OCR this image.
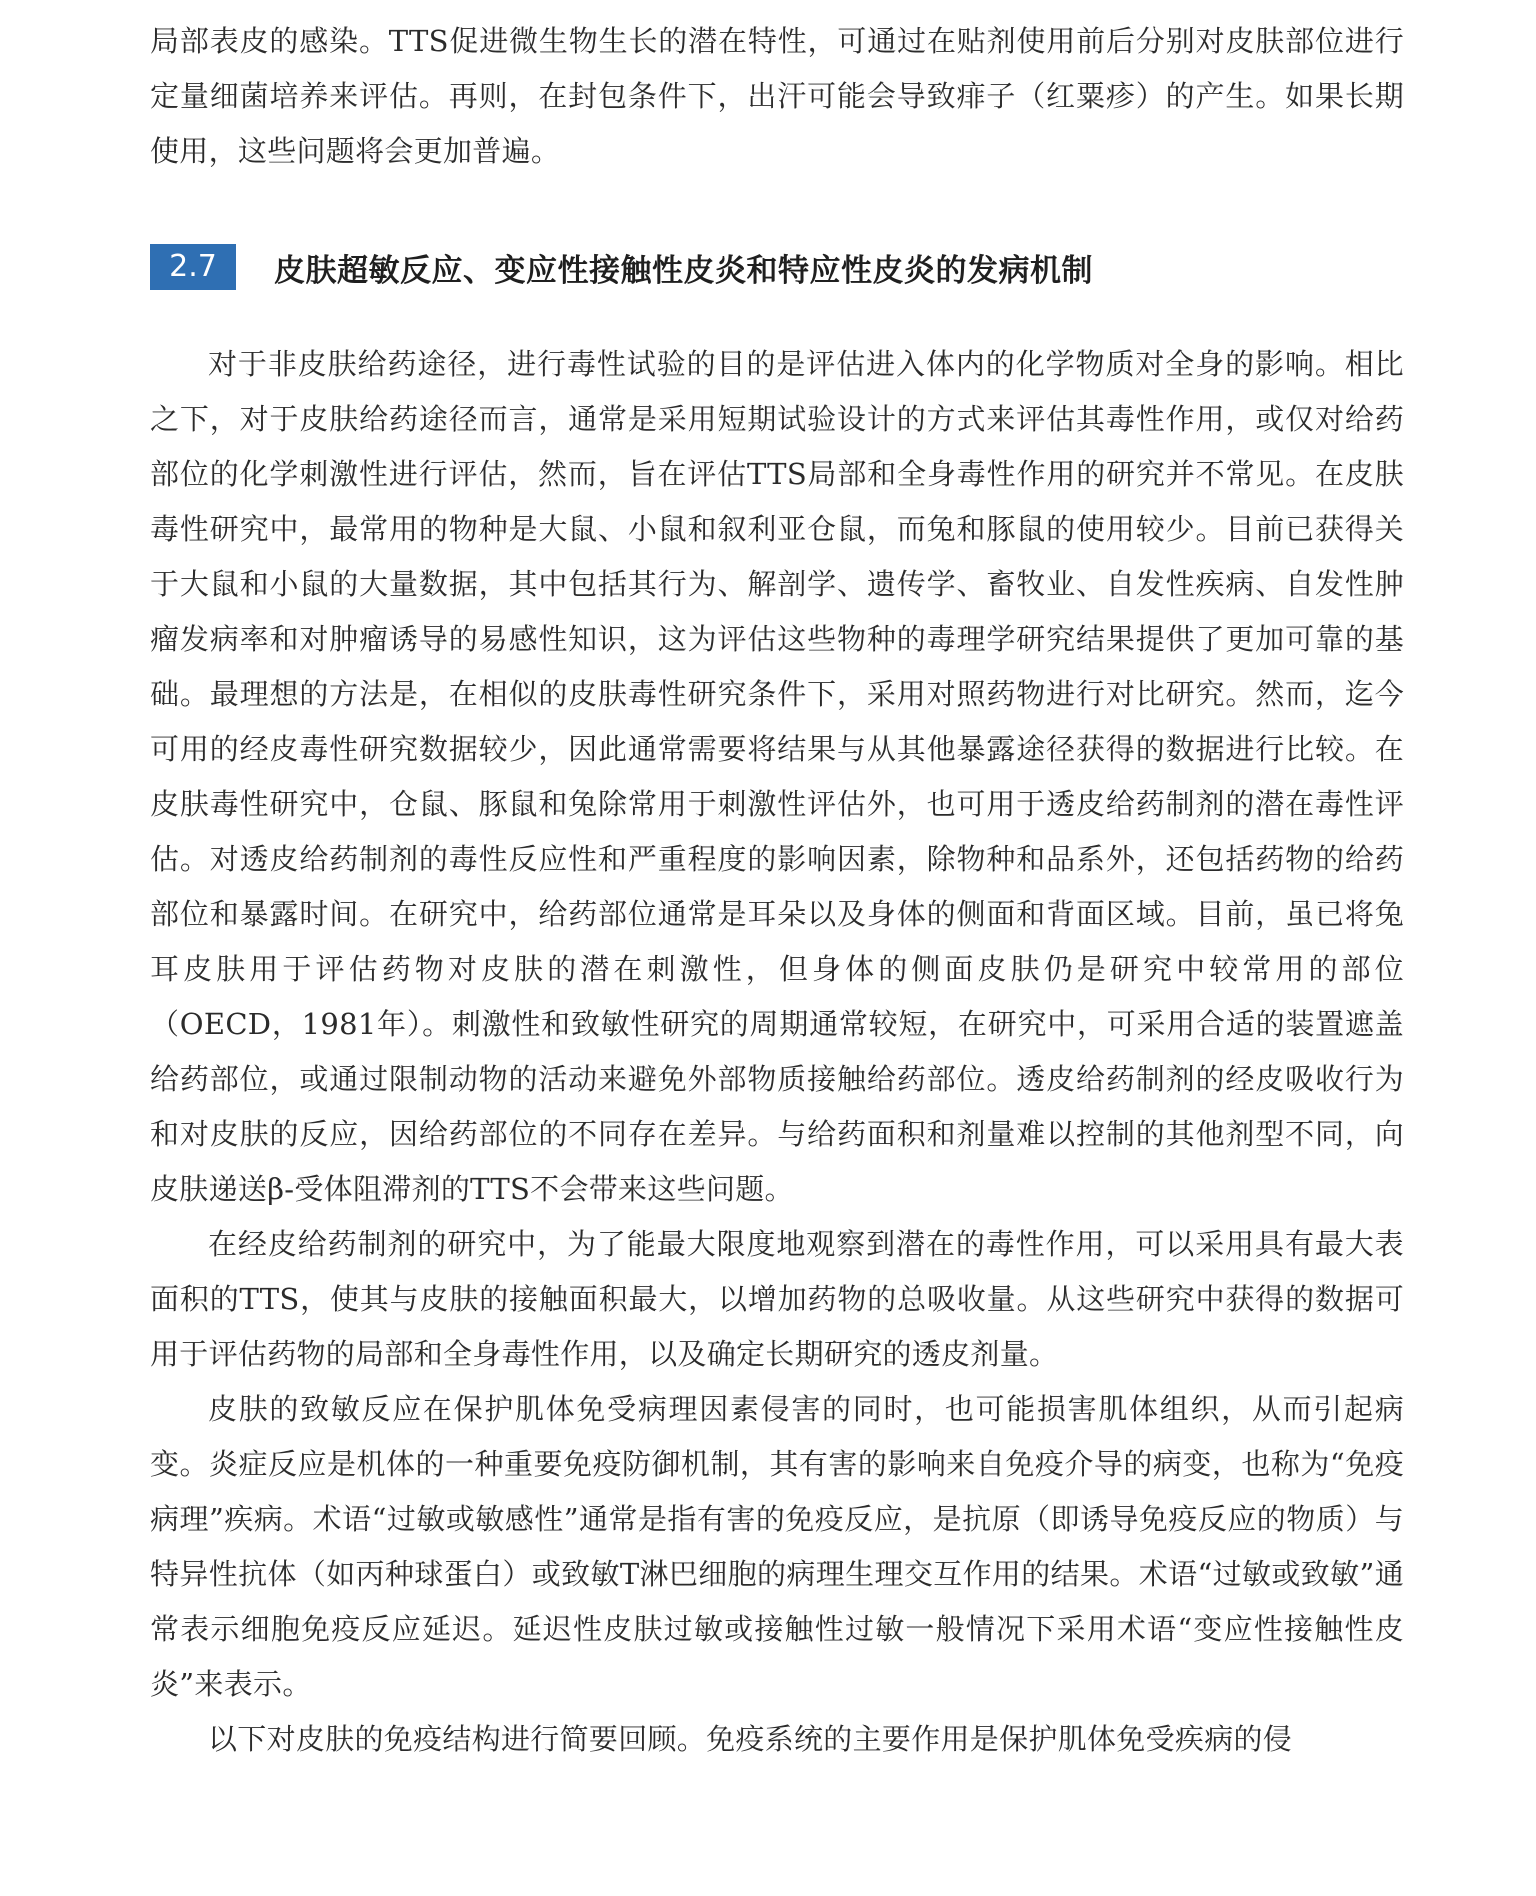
局部表皮的感染。TTS促进微生物生长的潜在特性，可通过在贴剂使用前后分别对皮肤部位进行定量细菌培养来评估。再则，在封包条件下，出汗可能会导致痱子（红粟疹）的产生。如果长期使用，这些问题将会更加普遍。

2.7	皮肤超敏反应、变应性接触性皮炎和特应性皮炎的发病机制

对于非皮肤给药途径，进行毒性试验的目的是评估进入体内的化学物质对全身的影响。相比之下，对于皮肤给药途径而言，通常是采用短期试验设计的方式来评估其毒性作用，或仅对给药部位的化学刺激性进行评估，然而，旨在评估TTS局部和全身毒性作用的研究并不常见。在皮肤毒性研究中，最常用的物种是大鼠、小鼠和叙利亚仓鼠，而兔和豚鼠的使用较少。目前已获得关于大鼠和小鼠的大量数据，其中包括其行为、解剖学、遗传学、畜牧业、自发性疾病、自发性肿瘤发病率和对肿瘤诱导的易感性知识，这为评估这些物种的毒理学研究结果提供了更加可靠的基础。最理想的方法是，在相似的皮肤毒性研究条件下，采用对照药物进行对比研究。然而，迄今可用的经皮毒性研究数据较少，因此通常需要将结果与从其他暴露途径获得的数据进行比较。在皮肤毒性研究中，仓鼠、豚鼠和兔除常用于刺激性评估外，也可用于透皮给药制剂的潜在毒性评估。对透皮给药制剂的毒性反应性和严重程度的影响因素，除物种和品系外，还包括药物的给药部位和暴露时间。在研究中，给药部位通常是耳朵以及身体的侧面和背面区域。目前，虽已将兔耳皮肤用于评估药物对皮肤的潜在刺激性，但身体的侧面皮肤仍是研究中较常用的部位（OECD，1981年）。刺激性和致敏性研究的周期通常较短，在研究中，可采用合适的装置遮盖给药部位，或通过限制动物的活动来避免外部物质接触给药部位。透皮给药制剂的经皮吸收行为和对皮肤的反应，因给药部位的不同存在差异。与给药面积和剂量难以控制的其他剂型不同，向皮肤递送β-受体阻滞剂的TTS不会带来这些问题。

在经皮给药制剂的研究中，为了能最大限度地观察到潜在的毒性作用，可以采用具有最大表面积的TTS，使其与皮肤的接触面积最大，以增加药物的总吸收量。从这些研究中获得的数据可用于评估药物的局部和全身毒性作用，以及确定长期研究的透皮剂量。

皮肤的致敏反应在保护肌体免受病理因素侵害的同时，也可能损害肌体组织，从而引起病变。炎症反应是机体的一种重要免疫防御机制，其有害的影响来自免疫介导的病变，也称为“免疫病理”疾病。术语“过敏或敏感性”通常是指有害的免疫反应，是抗原（即诱导免疫反应的物质）与特异性抗体（如丙种球蛋白）或致敏T淋巴细胞的病理生理交互作用的结果。术语“过敏或致敏”通常表示细胞免疫反应延迟。延迟性皮肤过敏或接触性过敏一般情况下采用术语“变应性接触性皮炎”来表示。

以下对皮肤的免疫结构进行简要回顾。免疫系统的主要作用是保护肌体免受疾病的侵
